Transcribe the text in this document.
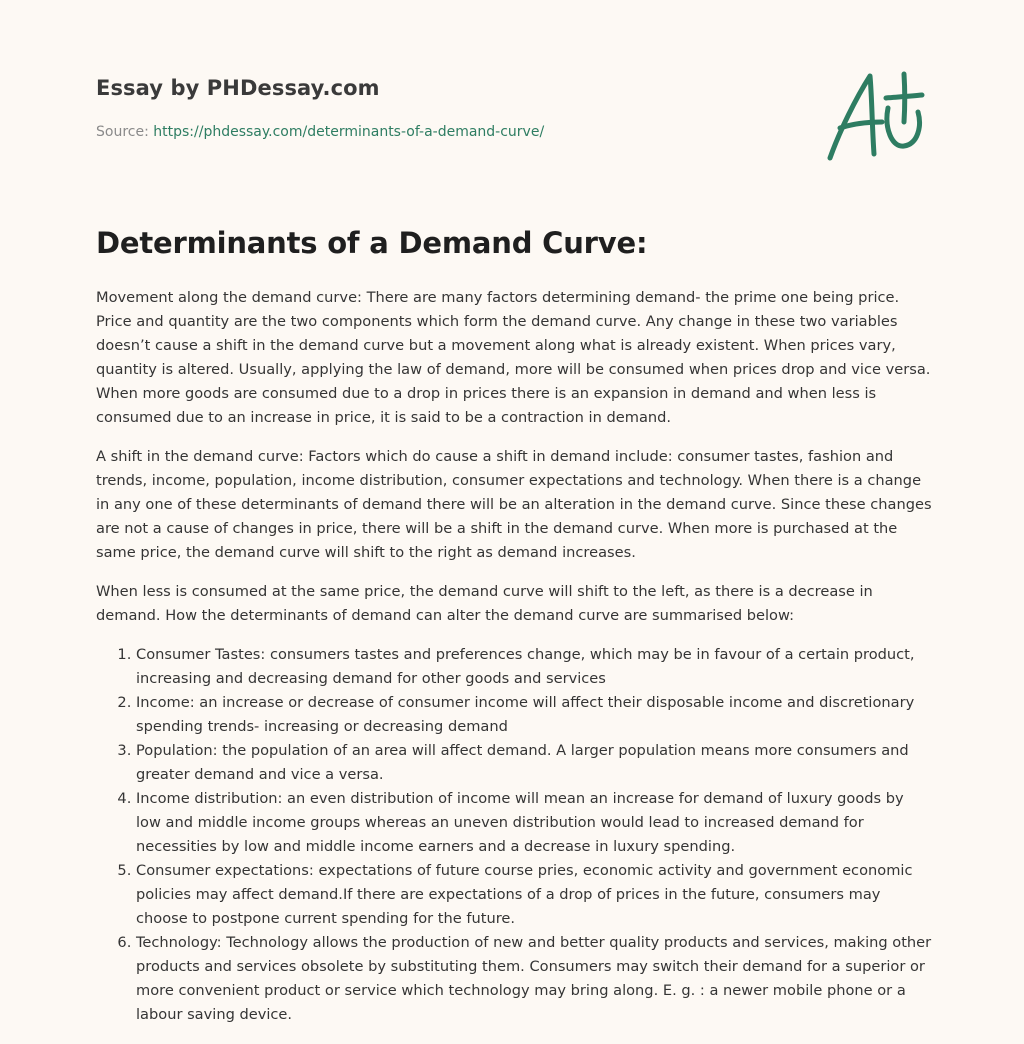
Essay by PHDessay.com
Source: https://phdessay.com/determinants-of-a-demand-curve/
Determinants of a Demand Curve:

Movement along the demand curve: There are many factors determining demand- the prime one being price. Price and quantity are the two components which form the demand curve. Any change in these two variables doesn’t cause a shift in the demand curve but a movement along what is already existent. When prices vary, quantity is altered. Usually, applying the law of demand, more will be consumed when prices drop and vice versa. When more goods are consumed due to a drop in prices there is an expansion in demand and when less is consumed due to an increase in price, it is said to be a contraction in demand.

A shift in the demand curve: Factors which do cause a shift in demand include: consumer tastes, fashion and trends, income, population, income distribution, consumer expectations and technology. When there is a change in any one of these determinants of demand there will be an alteration in the demand curve. Since these changes are not a cause of changes in price, there will be a shift in the demand curve. When more is purchased at the same price, the demand curve will shift to the right as demand increases.

When less is consumed at the same price, the demand curve will shift to the left, as there is a decrease in demand. How the determinants of demand can alter the demand curve are summarised below:

1. Consumer Tastes: consumers tastes and preferences change, which may be in favour of a certain product, increasing and decreasing demand for other goods and services
2. Income: an increase or decrease of consumer income will affect their disposable income and discretionary spending trends- increasing or decreasing demand
3. Population: the population of an area will affect demand. A larger population means more consumers and greater demand and vice a versa.
4. Income distribution: an even distribution of income will mean an increase for demand of luxury goods by low and middle income groups whereas an uneven distribution would lead to increased demand for necessities by low and middle income earners and a decrease in luxury spending.
5. Consumer expectations: expectations of future course pries, economic activity and government economic policies may affect demand.If there are expectations of a drop of prices in the future, consumers may choose to postpone current spending for the future.
6. Technology: Technology allows the production of new and better quality products and services, making other products and services obsolete by substituting them. Consumers may switch their demand for a superior or more convenient product or service which technology may bring along. E. g. : a newer mobile phone or a labour saving device.
